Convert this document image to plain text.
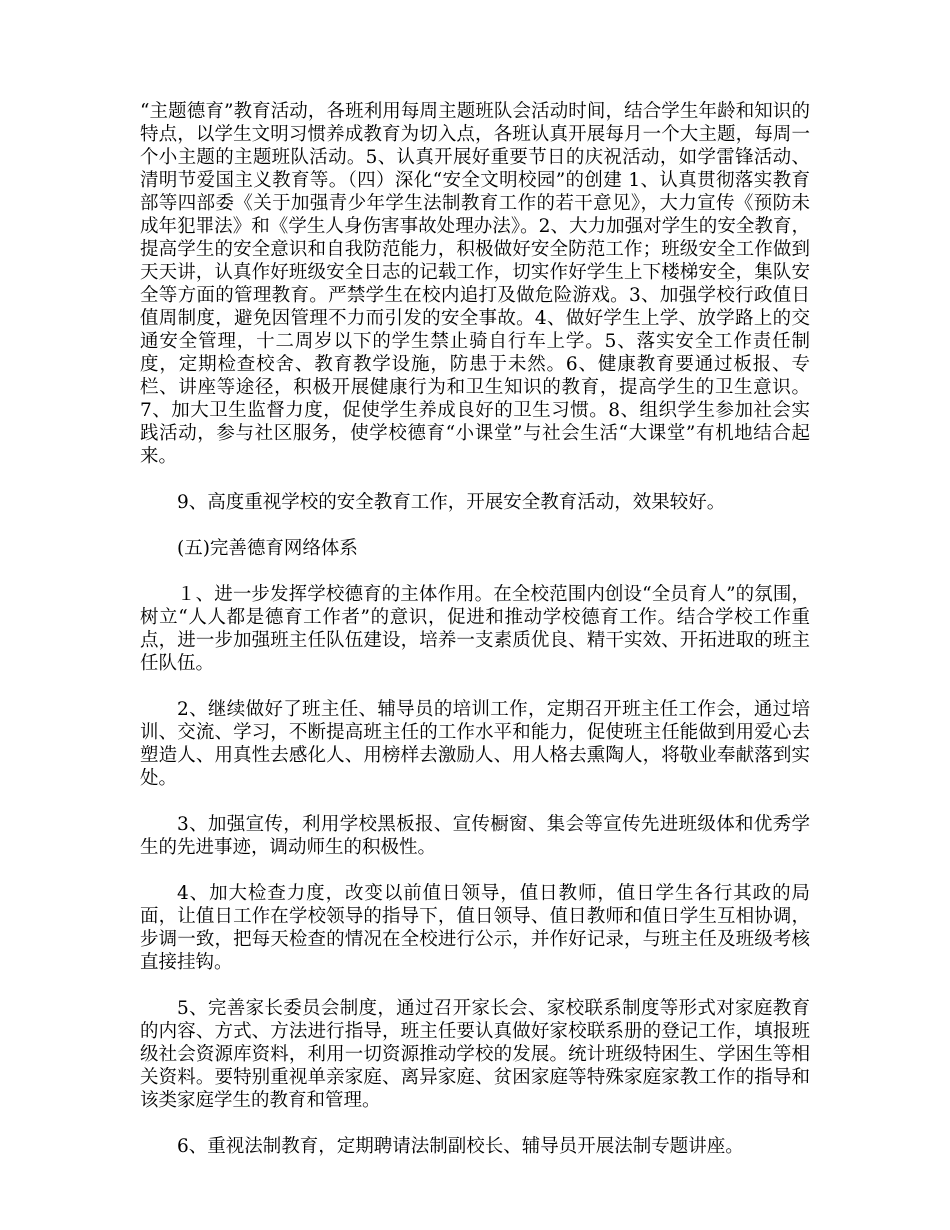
“主题德育”教育活动，各班利用每周主题班队会活动时间，结合学生年龄和知识的特点，以学生文明习惯养成教育为切入点，各班认真开展每月一个大主题，每周一个小主题的主题班队活动。5、认真开展好重要节日的庆祝活动，如学雷锋活动、清明节爱国主义教育等。（四）深化“安全文明校园”的创建 1、认真贯彻落实教育部等四部委《关于加强青少年学生法制教育工作的若干意见》，大力宣传《预防未成年犯罪法》和《学生人身伤害事故处理办法》。2、大力加强对学生的安全教育，提高学生的安全意识和自我防范能力，积极做好安全防范工作；班级安全工作做到天天讲，认真作好班级安全日志的记载工作，切实作好学生上下楼梯安全，集队安全等方面的管理教育。严禁学生在校内追打及做危险游戏。3、加强学校行政值日值周制度，避免因管理不力而引发的安全事故。4、做好学生上学、放学路上的交通安全管理，十二周岁以下的学生禁止骑自行车上学。5、落实安全工作责任制度，定期检查校舍、教育教学设施，防患于未然。6、健康教育要通过板报、专栏、讲座等途径，积极开展健康行为和卫生知识的教育，提高学生的卫生意识。7、加大卫生监督力度，促使学生养成良好的卫生习惯。8、组织学生参加社会实践活动，参与社区服务，使学校德育“小课堂”与社会生活“大课堂”有机地结合起来。

9、高度重视学校的安全教育工作，开展安全教育活动，效果较好。

(五)完善德育网络体系

１、进一步发挥学校德育的主体作用。在全校范围内创设“全员育人”的氛围，树立“人人都是德育工作者”的意识，促进和推动学校德育工作。结合学校工作重点，进一步加强班主任队伍建设，培养一支素质优良、精干实效、开拓进取的班主任队伍。

2、继续做好了班主任、辅导员的培训工作，定期召开班主任工作会，通过培训、交流、学习，不断提高班主任的工作水平和能力，促使班主任能做到用爱心去塑造人、用真性去感化人、用榜样去激励人、用人格去熏陶人，将敬业奉献落到实处。

3、加强宣传，利用学校黑板报、宣传橱窗、集会等宣传先进班级体和优秀学生的先进事迹，调动师生的积极性。

4、加大检查力度，改变以前值日领导，值日教师，值日学生各行其政的局面，让值日工作在学校领导的指导下，值日领导、值日教师和值日学生互相协调，步调一致，把每天检查的情况在全校进行公示，并作好记录，与班主任及班级考核直接挂钩。

5、完善家长委员会制度，通过召开家长会、家校联系制度等形式对家庭教育的内容、方式、方法进行指导，班主任要认真做好家校联系册的登记工作，填报班级社会资源库资料，利用一切资源推动学校的发展。统计班级特困生、学困生等相关资料。要特别重视单亲家庭、离异家庭、贫困家庭等特殊家庭家教工作的指导和该类家庭学生的教育和管理。

6、重视法制教育，定期聘请法制副校长、辅导员开展法制专题讲座。
